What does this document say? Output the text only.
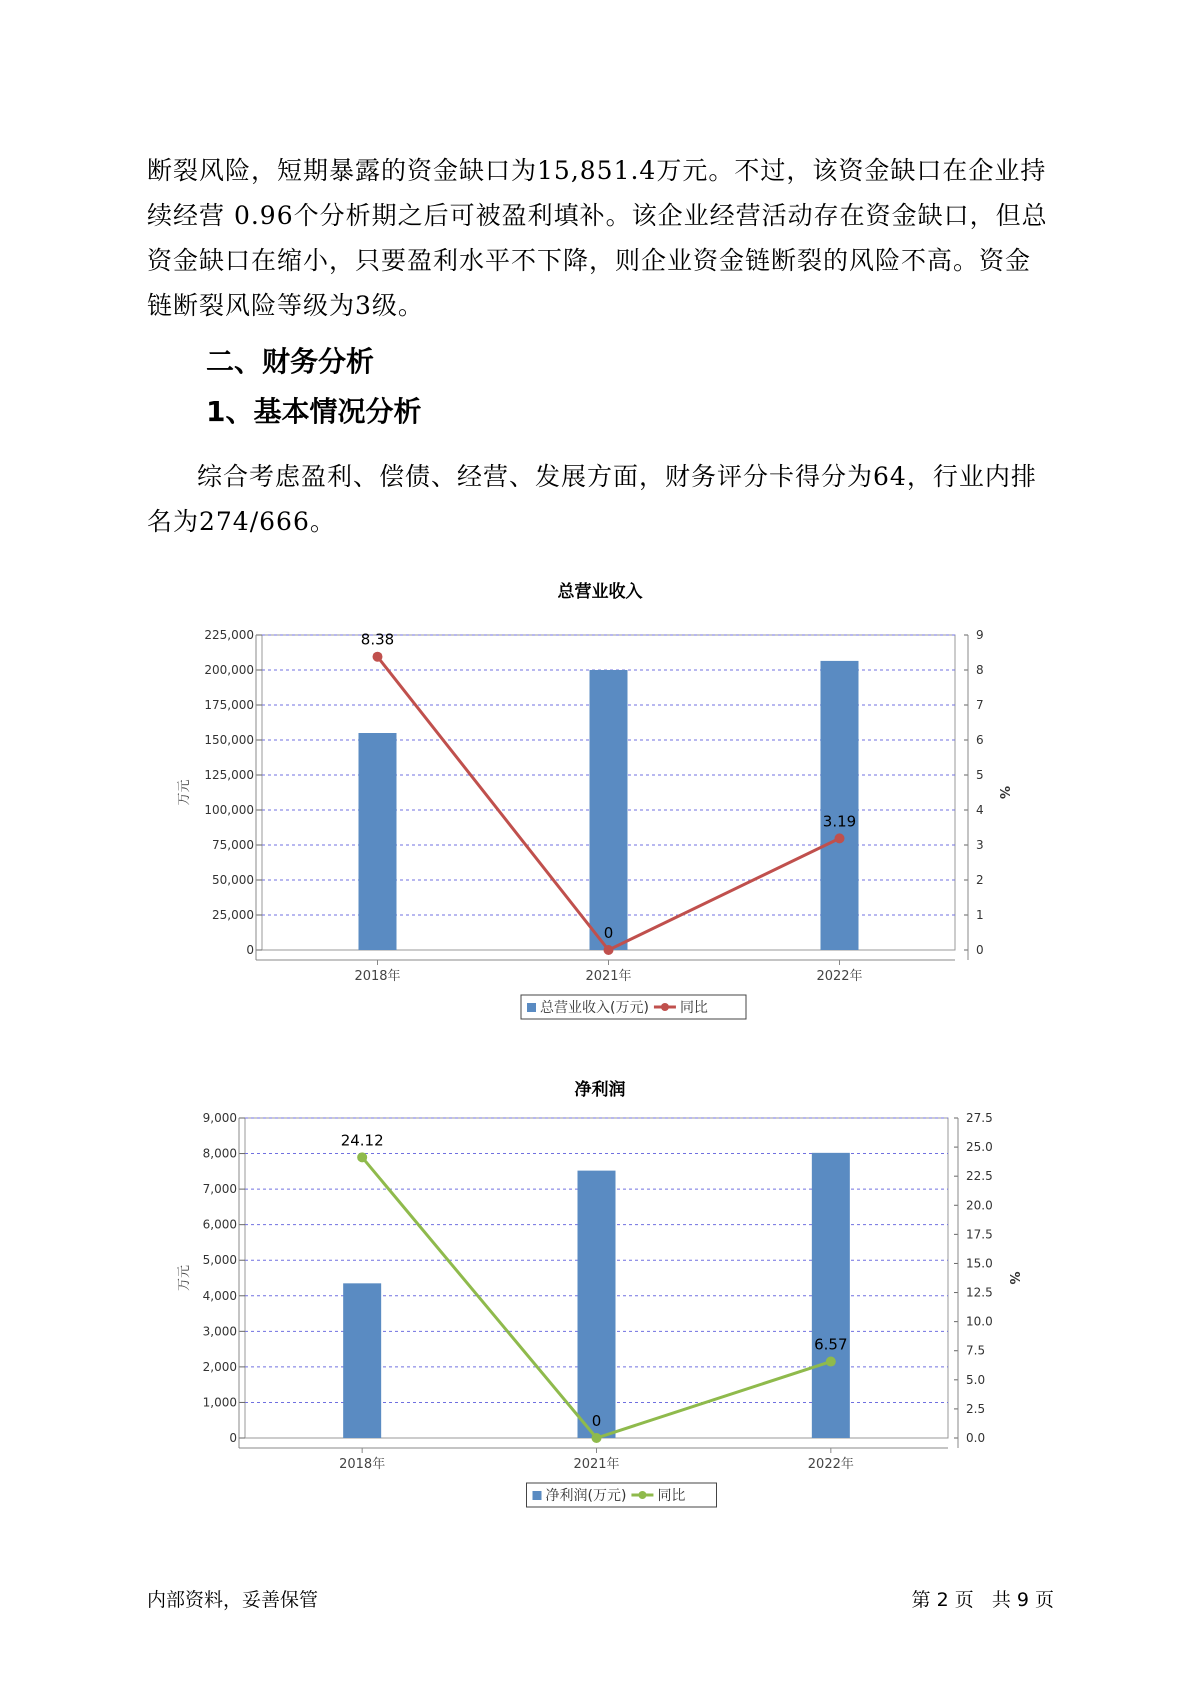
断裂风险，短期暴露的资金缺口为15,851.4万元。不过，该资金缺口在企业持续经营 0.96个分析期之后可被盈利填补。该企业经营活动存在资金缺口，但总资金缺口在缩小，只要盈利水平不下降，则企业资金链断裂的风险不高。资金链断裂风险等级为3级。

二、财务分析
1、基本情况分析

综合考虑盈利、偿债、经营、发展方面，财务评分卡得分为64，行业内排名为274/666。

总营业收入
0
25,000
50,000
75,000
100,000
125,000
150,000
175,000
200,000
225,000
0
1
2
3
4
5
6
7
8
9
万元	%
2018年	2021年	2022年
8.38
0
3.19
总营业收入(万元) 同比
净利润
0
1,000
2,000
3,000
4,000
5,000
6,000
7,000
8,000
9,000
0.0
2.5
5.0
7.5
10.0
12.5
15.0
17.5
20.0
22.5
25.0
27.5
万元	%
2018年	2021年	2022年
24.12
0
6.57
净利润(万元) 同比
内部资料，妥善保管	第 2 页   共 9 页
